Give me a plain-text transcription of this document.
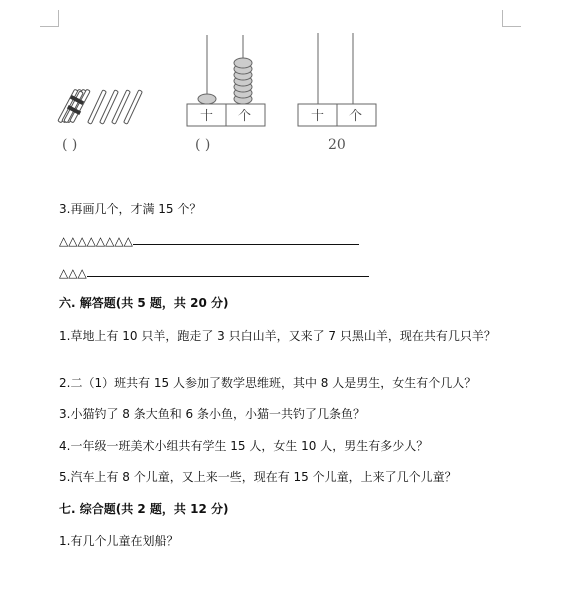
十 个	十 个
( )	( )	20
3.再画几个，才满 15 个？
△△△△△△△△
△△△
六. 解答题(共 5 题，共 20 分)
1.草地上有 10 只羊，跑走了 3 只白山羊，又来了 7 只黑山羊，现在共有几只羊？
2.二（1）班共有 15 人参加了数学思维班，其中 8 人是男生，女生有个几人？
3.小猫钓了 8 条大鱼和 6 条小鱼，小猫一共钓了几条鱼？
4.一年级一班美术小组共有学生 15 人，女生 10 人，男生有多少人？
5.汽车上有 8 个儿童，又上来一些，现在有 15 个儿童，上来了几个儿童？
七. 综合题(共 2 题，共 12 分)
1.有几个儿童在划船？
